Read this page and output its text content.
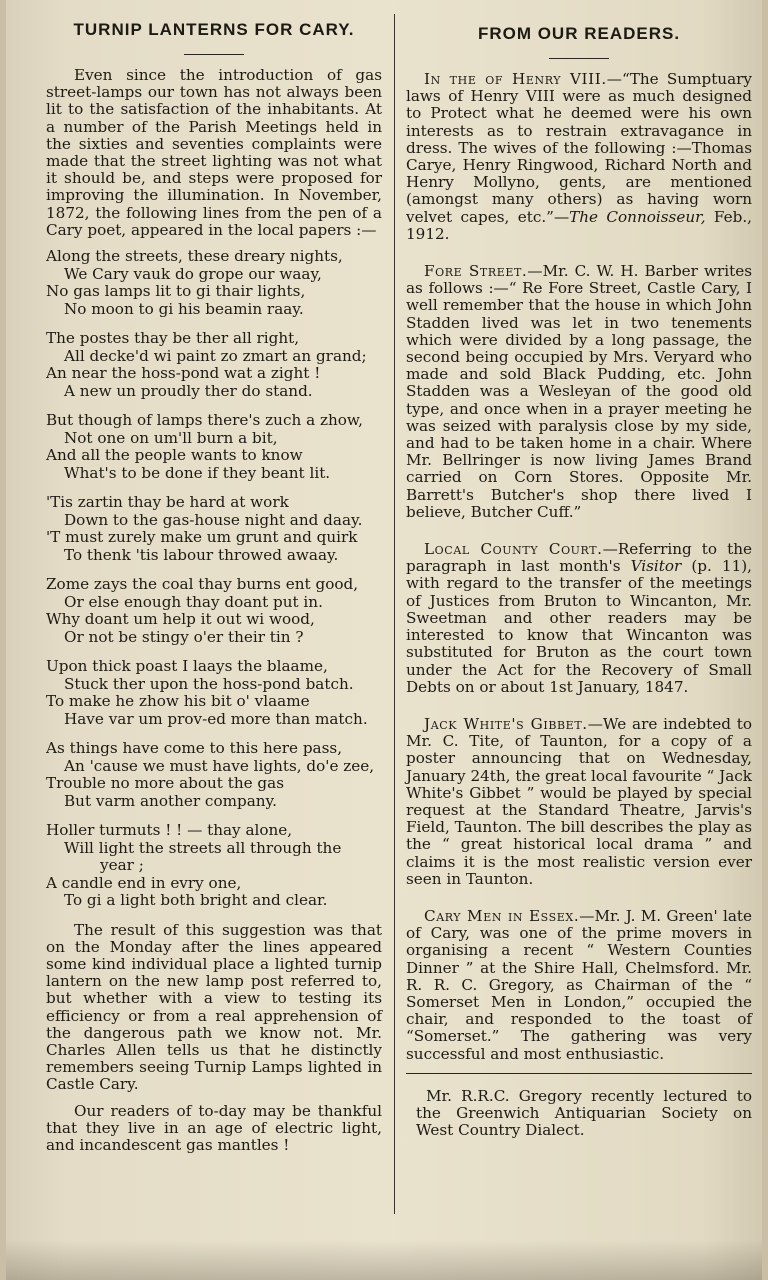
TURNIP LANTERNS FOR CARY.

Even since the introduction of gas street-lamps our town has not always been lit to the satisfaction of the inhabitants. At a number of the Parish Meetings held in the sixties and seventies complaints were made that the street lighting was not what it should be, and steps were proposed for improving the illumination. In November, 1872, the following lines from the pen of a Cary poet, appeared in the local papers :—

Along the streets, these dreary nights,
We Cary vauk do grope our waay,
No gas lamps lit to gi thair lights,
No moon to gi his beamin raay.
The postes thay be ther all right,
All decke'd wi paint zo zmart an grand;
An near the hoss-pond wat a zight !
A new un proudly ther do stand.
But though of lamps there's zuch a zhow,
Not one on um'll burn a bit,
And all the people wants to know
What's to be done if they beant lit.
'Tis zartin thay be hard at work
Down to the gas-house night and daay.
'T must zurely make um grunt and quirk
To thenk 'tis labour throwed awaay.
Zome zays the coal thay burns ent good,
Or else enough thay doant put in.
Why doant um help it out wi wood,
Or not be stingy o'er their tin ?
Upon thick poast I laays the blaame,
Stuck ther upon the hoss-pond batch.
To make he zhow his bit o' vlaame
Have var um prov-ed more than match.
As things have come to this here pass,
An 'cause we must have lights, do'e zee,
Trouble no more about the gas
But varm another company.
Holler turmuts ! ! — thay alone,
Will light the streets all through the
year ;
A candle end in evry one,
To gi a light both bright and clear.

The result of this suggestion was that on the Monday after the lines appeared some kind individual place a lighted turnip lantern on the new lamp post referred to, but whether with a view to testing its efficiency or from a real apprehension of the dangerous path we know not. Mr. Charles Allen tells us that he distinctly remembers seeing Turnip Lamps lighted in Castle Cary.

Our readers of to-day may be thankful that they live in an age of electric light, and incandescent gas mantles !

FROM OUR READERS.

In the of Henry VIII.—“The Sumptuary laws of Henry VIII were as much designed to Protect what he deemed were his own interests as to restrain extravagance in dress. The wives of the following :—Thomas Carye, Henry Ringwood, Richard North and Henry Mollyno, gents, are mentioned (amongst many others) as having worn velvet capes, etc.”—The Connoisseur, Feb., 1912.

Fore Street.—Mr. C. W. H. Barber writes as follows :—“ Re Fore Street, Castle Cary, I well remember that the house in which John Stadden lived was let in two tenements which were divided by a long passage, the second being occupied by Mrs. Veryard who made and sold Black Pudding, etc. John Stadden was a Wesleyan of the good old type, and once when in a prayer meeting he was seized with paralysis close by my side, and had to be taken home in a chair. Where Mr. Bellringer is now living James Brand carried on Corn Stores. Opposite Mr. Barrett's Butcher's shop there lived I believe, Butcher Cuff.”

Local County Court.—Referring to the paragraph in last month's Visitor (p. 11), with regard to the transfer of the meetings of Justices from Bruton to Wincanton, Mr. Sweetman and other readers may be interested to know that Wincanton was substituted for Bruton as the court town under the Act for the Recovery of Small Debts on or about 1st January, 1847.

Jack White's Gibbet.—We are indebted to Mr. C. Tite, of Taunton, for a copy of a poster announcing that on Wednesday, January 24th, the great local favourite “ Jack White's Gibbet ” would be played by special request at the Standard Theatre, Jarvis's Field, Taunton. The bill describes the play as the “ great historical local drama ” and claims it is the most realistic version ever seen in Taunton.

Cary Men in Essex.—Mr. J. M. Green' late of Cary, was one of the prime movers in organising a recent “ Western Counties Dinner ” at the Shire Hall, Chelmsford. Mr. R. R. C. Gregory, as Chairman of the “ Somerset Men in London,” occupied the chair, and responded to the toast of “Somerset.” The gathering was very successful and most enthusiastic.

Mr. R.R.C. Gregory recently lectured to the Greenwich Antiquarian Society on West Country Dialect.
